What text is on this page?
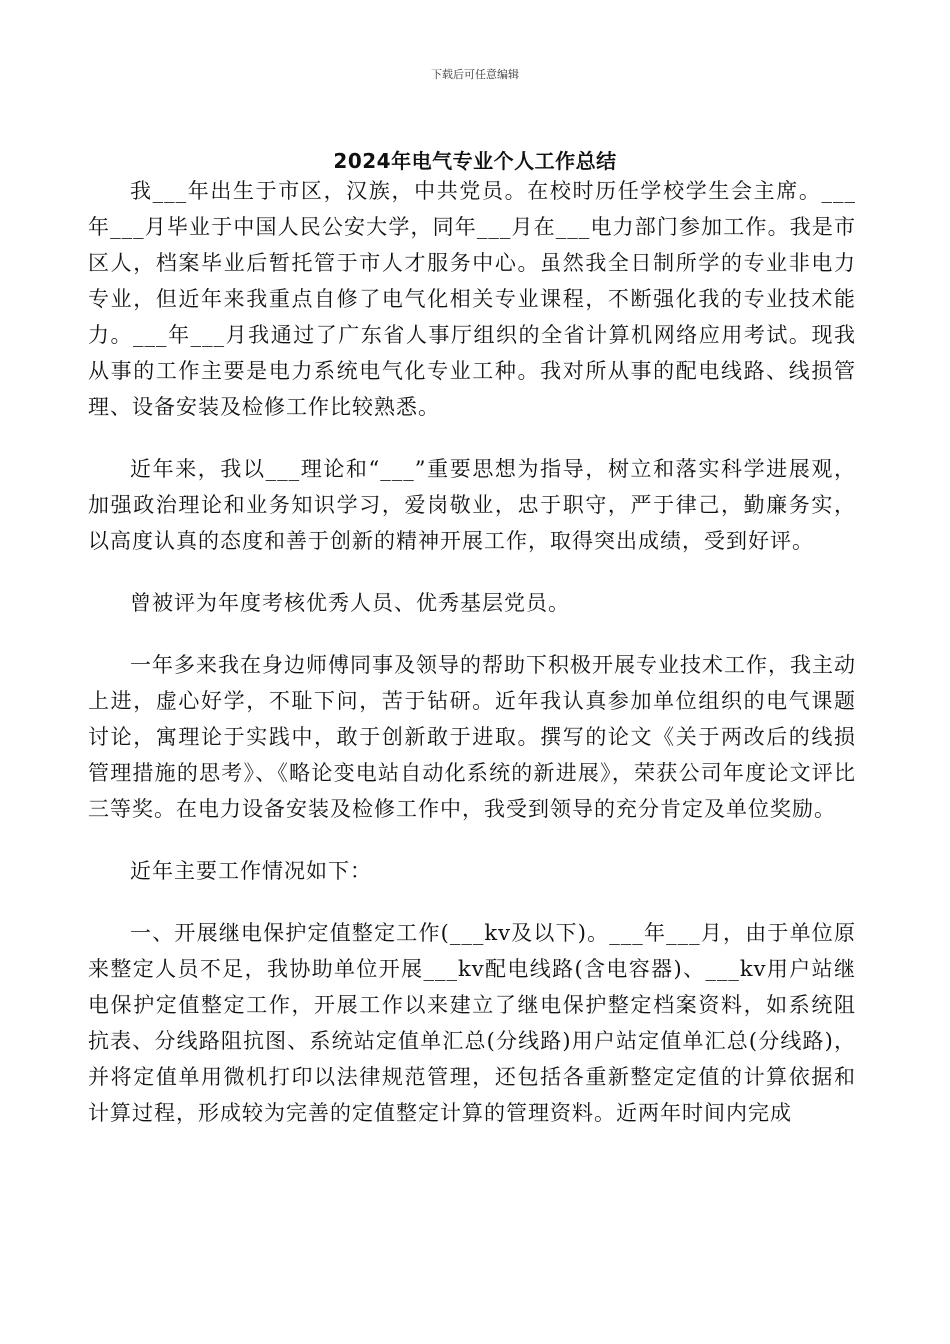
下载后可任意编辑
2024年电气专业个人工作总结

我___年出生于市区，汉族，中共党员。在校时历任学校学生会主席。___年___月毕业于中国人民公安大学，同年___月在___电力部门参加工作。我是市区人，档案毕业后暂托管于市人才服务中心。虽然我全日制所学的专业非电力专业，但近年来我重点自修了电气化相关专业课程，不断强化我的专业技术能力。___年___月我通过了广东省人事厅组织的全省计算机网络应用考试。现我从事的工作主要是电力系统电气化专业工种。我对所从事的配电线路、线损管理、设备安装及检修工作比较熟悉。

近年来，我以___理论和“___”重要思想为指导，树立和落实科学进展观，加强政治理论和业务知识学习，爱岗敬业，忠于职守，严于律己，勤廉务实，以高度认真的态度和善于创新的精神开展工作，取得突出成绩，受到好评。

曾被评为年度考核优秀人员、优秀基层党员。

一年多来我在身边师傅同事及领导的帮助下积极开展专业技术工作，我主动上进，虚心好学，不耻下问，苦于钻研。近年我认真参加单位组织的电气课题讨论，寓理论于实践中，敢于创新敢于进取。撰写的论文《关于两改后的线损管理措施的思考》、《略论变电站自动化系统的新进展》，荣获公司年度论文评比三等奖。在电力设备安装及检修工作中，我受到领导的充分肯定及单位奖励。

近年主要工作情况如下：

一、开展继电保护定值整定工作(___kv及以下)。___年___月，由于单位原来整定人员不足，我协助单位开展___kv配电线路(含电容器)、___kv用户站继电保护定值整定工作，开展工作以来建立了继电保护整定档案资料，如系统阻抗表、分线路阻抗图、系统站定值单汇总(分线路)用户站定值单汇总(分线路)，并将定值单用微机打印以法律规范管理，还包括各重新整定定值的计算依据和计算过程，形成较为完善的定值整定计算的管理资料。近两年时间内完成
